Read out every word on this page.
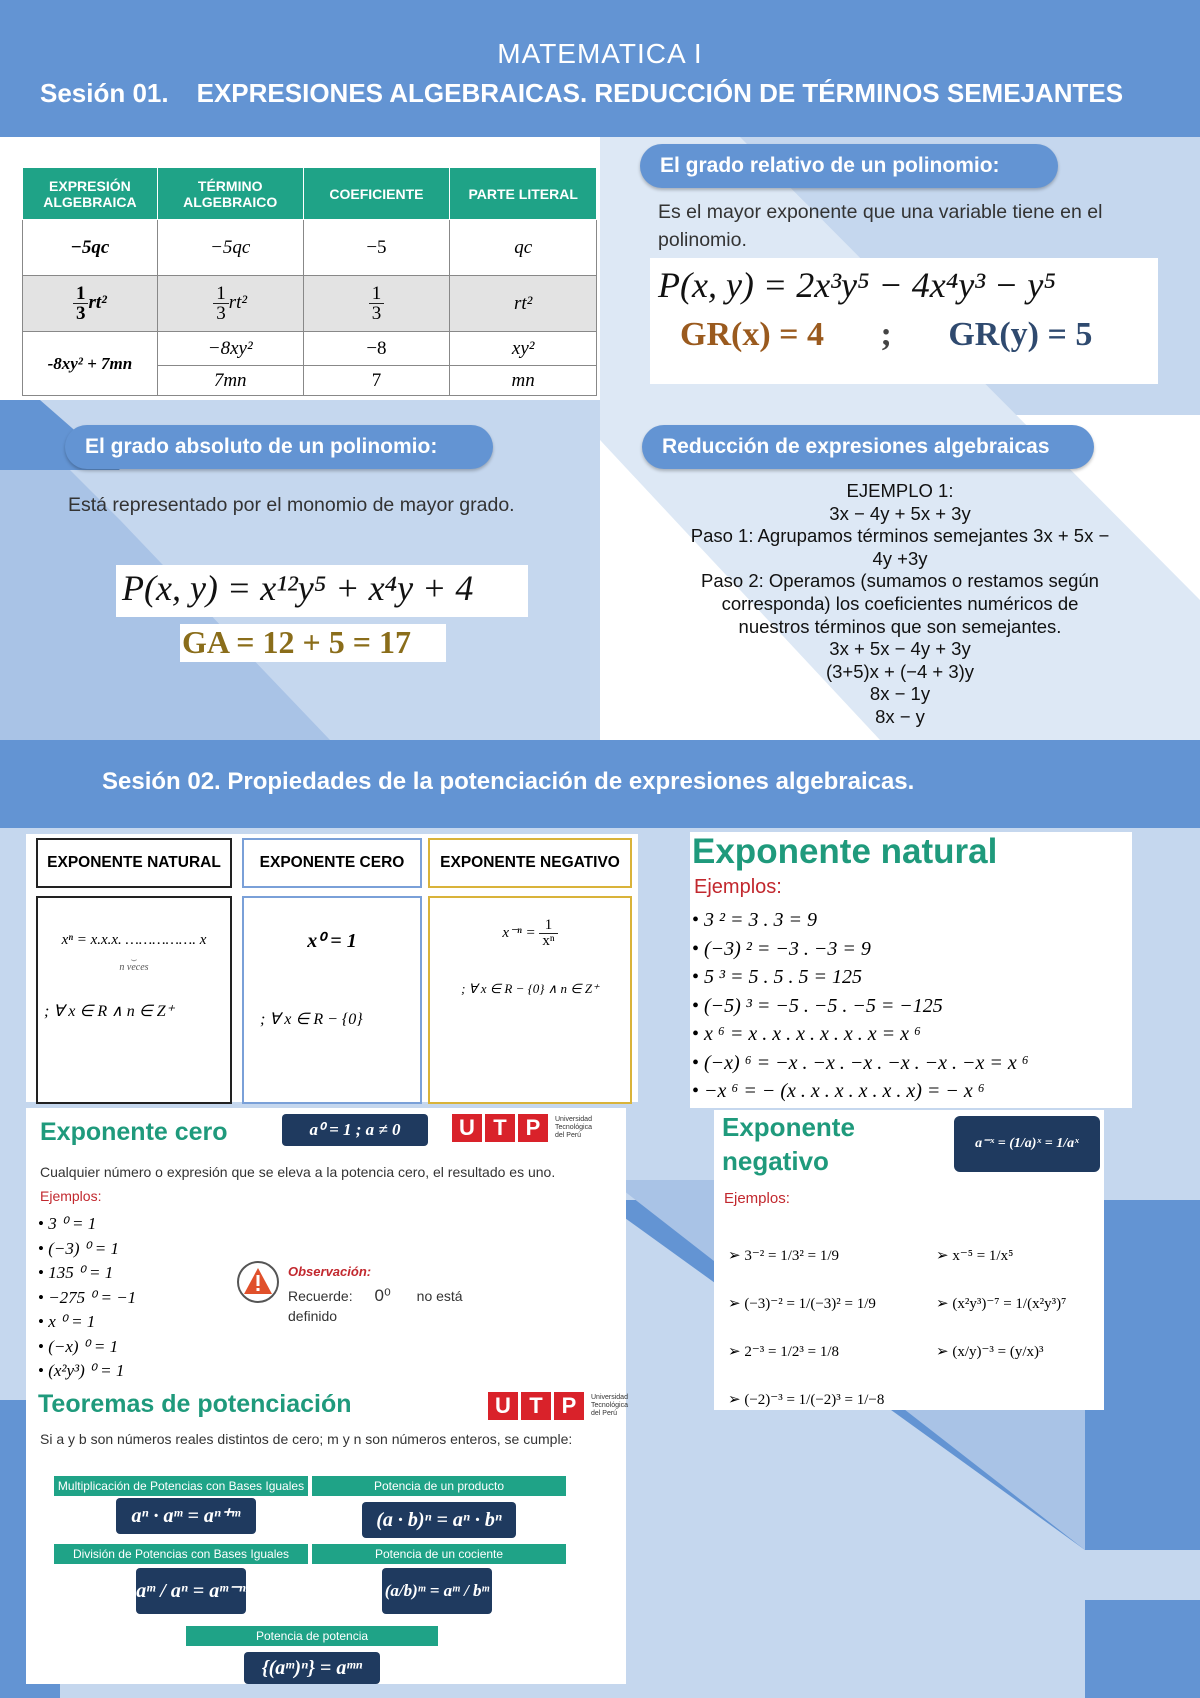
MATEMATICA I
Sesión 01. EXPRESIONES ALGEBRAICAS. REDUCCIÓN DE TÉRMINOS SEMEJANTES
EXPRESIÓN ALGEBRAICA	TÉRMINO ALGEBRAICO	COEFICIENTE	PARTE LITERAL
−5qc	−5qc	−5	qc

$\frac{1}{3} rt^2$	$\frac{1}{3} rt^2$	$\frac{1}{3}$	rt²
-8xy² + 7mn	−8xy²	−8	xy²
	7mn	7	mn
El grado relativo de un polinomio:
Es el mayor exponente que una variable tiene en el polinomio.
P(x, y) = 2x³y⁵ − 4x⁴y³ − y⁵
GR(x) = 4 ; GR(y) = 5
El grado absoluto de un polinomio:
Está representado por el monomio de mayor grado.
P(x, y) = x¹²y⁵ + x⁴y + 4
GA = 12 + 5 = 17
Reducción de expresiones algebraicas
EJEMPLO 1:
3x − 4y + 5x + 3y
Paso 1: Agrupamos términos semejantes 3x + 5x −
4y +3y
Paso 2: Operamos (sumamos o restamos según
corresponda) los coeficientes numéricos de
nuestros términos que son semejantes.
3x + 5x − 4y + 3y
(3+5)x + (−4 + 3)y
8x − 1y
8x − y
Sesión 02. Propiedades de la potenciación de expresiones algebraicas.
EXPONENTE NATURAL	EXPONENTE CERO	EXPONENTE NEGATIVO
xⁿ = x.x.x. ……………. x
⏟
n veces
; ∀ x ∈ R ∧ n ∈ Z⁺
x⁰ = 1
; ∀ x ∈ R − {0}
$x^{-n} = \frac{1}{\text{xⁿ}}$
; ∀ x ∈ R − {0} ∧ n ∈ Z⁺
Exponente natural
Ejemplos:
• 3 ² = 3 . 3 = 9
• (−3) ² = −3 . −3 = 9
• 5 ³ = 5 . 5 . 5 = 125
• (−5) ³ = −5 . −5 . −5 = −125
• x ⁶ = x . x . x . x . x . x = x ⁶
• (−x) ⁶ = −x . −x . −x . −x . −x . −x = x ⁶
• −x ⁶ = − (x . x . x . x . x . x) = − x ⁶
Exponente cero	a⁰ = 1 ; a ≠ 0	U T P	Universidad Tecnológica del Perú
Cualquier número o expresión que se eleva a la potencia cero, el resultado es uno.
Ejemplos:
• 3 ⁰ = 1
• (−3) ⁰ = 1
• 135 ⁰ = 1
• −275 ⁰ = −1
• x ⁰ = 1
• (−x) ⁰ = 1
• (x²y³) ⁰ = 1
Observación:
Recuerde: 0⁰ no está
definido
Teoremas de potenciación	U T P	Universidad Tecnológica del Perú
Si a y b son números reales distintos de cero; m y n son números enteros, se cumple:
Multiplicación de Potencias con Bases Iguales	Potencia de un producto
aⁿ · aᵐ = aⁿ⁺ᵐ	(a · b)ⁿ = aⁿ · bⁿ
División de Potencias con Bases Iguales	Potencia de un cociente
aᵐ / aⁿ = aᵐ⁻ⁿ	(a/b)ᵐ = aᵐ / bᵐ
Potencia de potencia
{(aᵐ)ⁿ} = aᵐⁿ
Exponente
negativo
a⁻ˣ = (1/a)ˣ = 1/aˣ
Ejemplos:
➢ 3⁻² = 1/3² = 1/9
➢ (−3)⁻² = 1/(−3)² = 1/9
➢ 2⁻³ = 1/2³ = 1/8
➢ (−2)⁻³ = 1/(−2)³ = 1/−8
➢ x⁻⁵ = 1/x⁵
➢ (x²y³)⁻⁷ = 1/(x²y³)⁷
➢ (x/y)⁻³ = (y/x)³
